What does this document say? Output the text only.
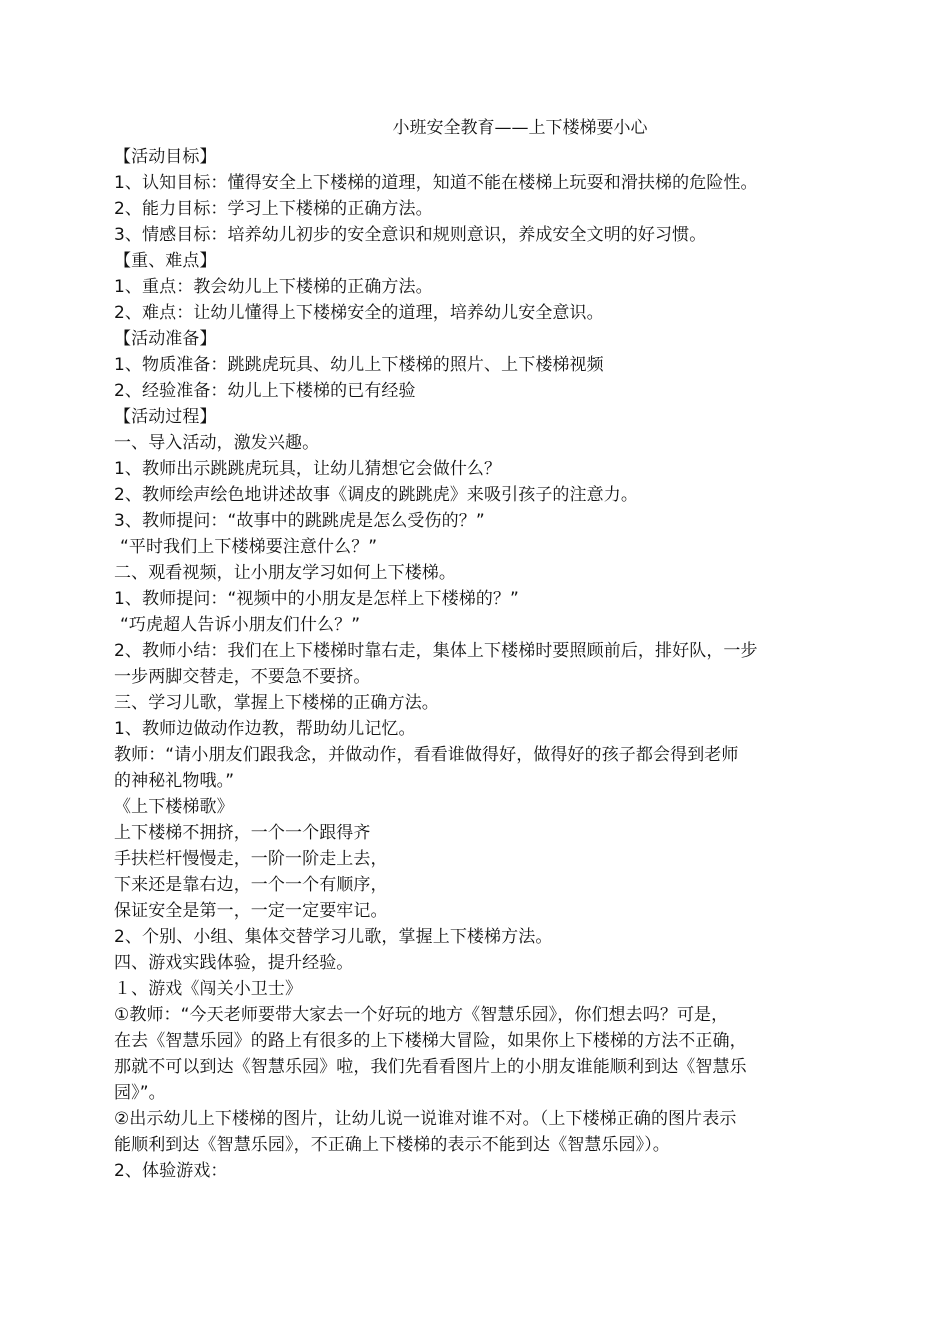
小班安全教育——上下楼梯要小心
【活动目标】
1、认知目标：懂得安全上下楼梯的道理，知道不能在楼梯上玩耍和滑扶梯的危险性。
2、能力目标：学习上下楼梯的正确方法。
3、情感目标：培养幼儿初步的安全意识和规则意识，养成安全文明的好习惯。
【重、难点】
1、重点：教会幼儿上下楼梯的正确方法。
2、难点：让幼儿懂得上下楼梯安全的道理，培养幼儿安全意识。
【活动准备】
1、物质准备：跳跳虎玩具、幼儿上下楼梯的照片、上下楼梯视频
2、经验准备：幼儿上下楼梯的已有经验
【活动过程】
一、导入活动，激发兴趣。
1、教师出示跳跳虎玩具，让幼儿猜想它会做什么？
2、教师绘声绘色地讲述故事《调皮的跳跳虎》来吸引孩子的注意力。
3、教师提问：“故事中的跳跳虎是怎么受伤的？”
“平时我们上下楼梯要注意什么？”
二、观看视频，让小朋友学习如何上下楼梯。
1、教师提问：“视频中的小朋友是怎样上下楼梯的？”
“巧虎超人告诉小朋友们什么？”
2、教师小结：我们在上下楼梯时靠右走，集体上下楼梯时要照顾前后，排好队，一步
一步两脚交替走，不要急不要挤。
三、学习儿歌，掌握上下楼梯的正确方法。
1、教师边做动作边教，帮助幼儿记忆。
教师：“请小朋友们跟我念，并做动作，看看谁做得好，做得好的孩子都会得到老师
的神秘礼物哦。”
《上下楼梯歌》
上下楼梯不拥挤，一个一个跟得齐
手扶栏杆慢慢走，一阶一阶走上去，
下来还是靠右边，一个一个有顺序，
保证安全是第一，一定一定要牢记。
2、个别、小组、集体交替学习儿歌，掌握上下楼梯方法。
四、游戏实践体验，提升经验。
１、游戏《闯关小卫士》
①教师：“今天老师要带大家去一个好玩的地方《智慧乐园》，你们想去吗？可是，
在去《智慧乐园》的路上有很多的上下楼梯大冒险，如果你上下楼梯的方法不正确，
那就不可以到达《智慧乐园》啦，我们先看看图片上的小朋友谁能顺利到达《智慧乐
园》”。
②出示幼儿上下楼梯的图片，让幼儿说一说谁对谁不对。（上下楼梯正确的图片表示
能顺利到达《智慧乐园》，不正确上下楼梯的表示不能到达《智慧乐园》）。
2、体验游戏：
